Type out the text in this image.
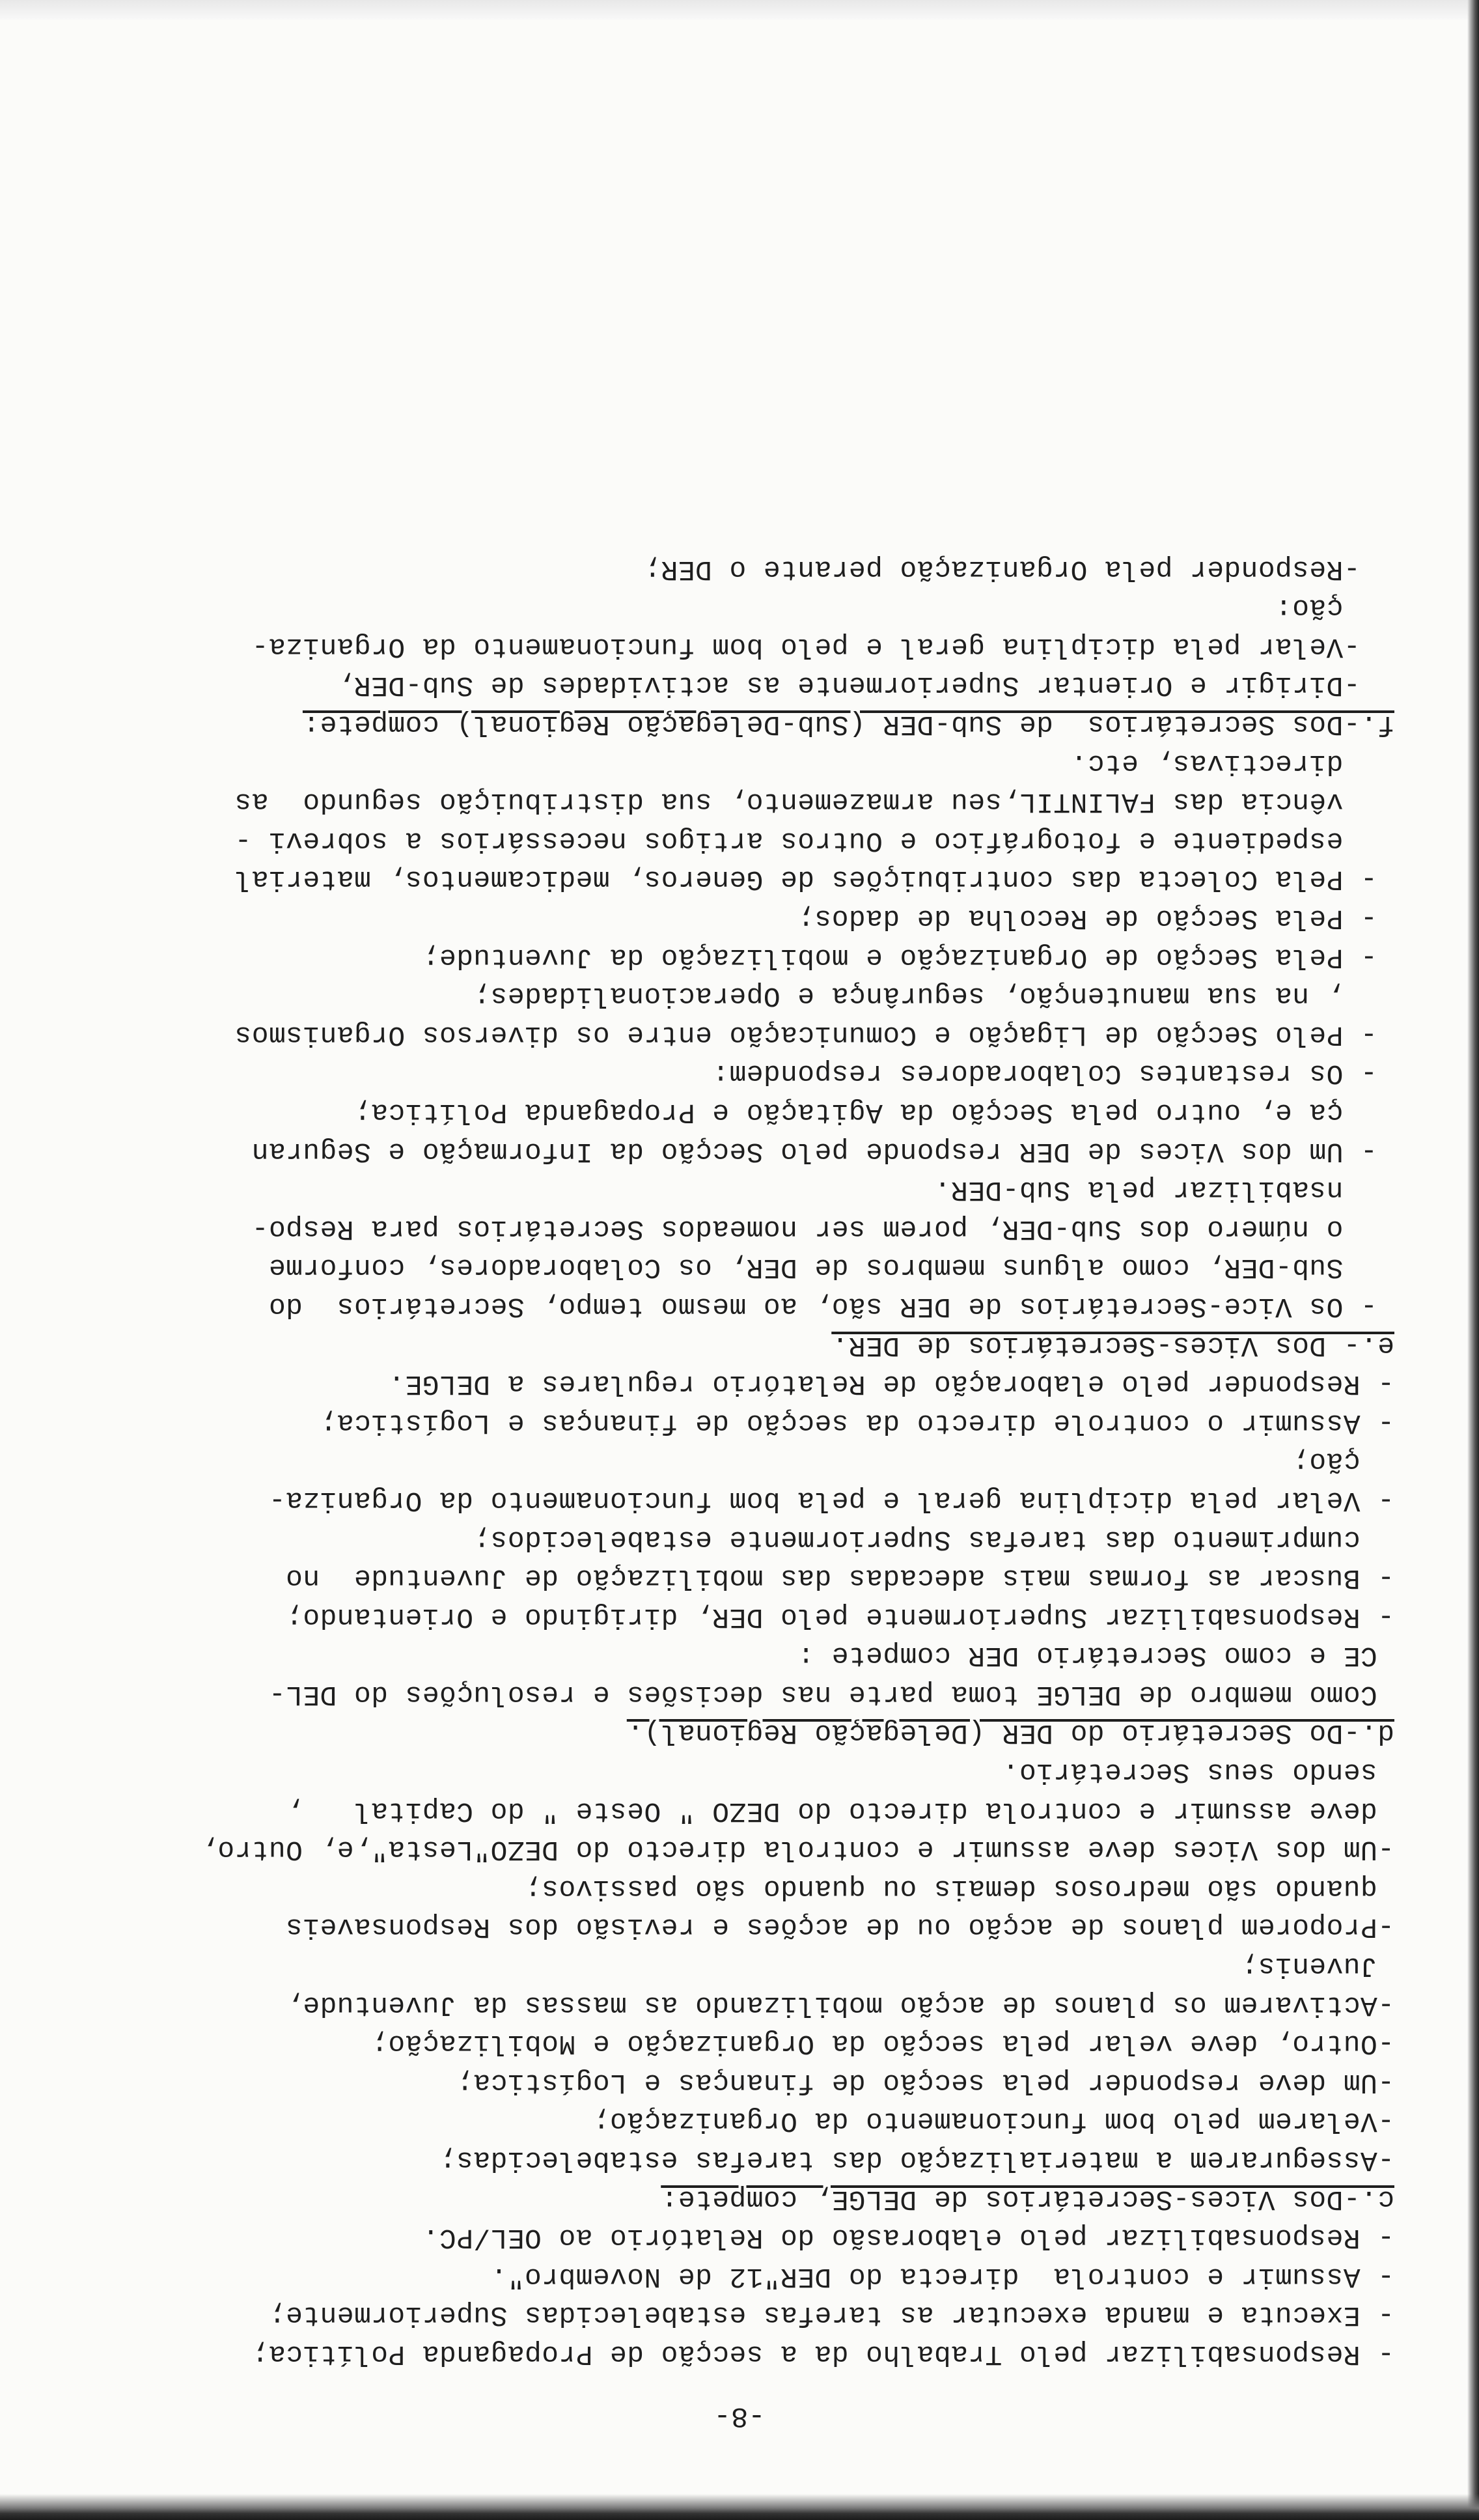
-8-
- Responsabilizar pelo Trabalho da a secção de Propaganda Política;
- Executa e manda executar as tarefas estabelecidas Superiormente;
- Assumir e controla  directa do DER"12 de Novembro".
- Responsabilizar pelo elaborasão do Relatório ao OEL/PC.
c.-Dos Vices-Secretários de DELGE, compete:
-Assegurarem a materialização das tarefas estabelecidas;
-Velarem pelo bom funcionamento da Organização;
-Um deve responder pela secção de finanças e Logística;
-Outro, deve velar pela secção da Organização e Mobilização;
-Activarem os planos de acção mobilizando as massas da Juventude,
Juvenis;
-Proporem planos de acção ou de acções e revisão dos Responsaveis
quando são medrosos demais ou quando são passivos;
-Um dos Vices deve assumir e controla directo do DEZO"Lesta",e, Outro,
deve assumir e controla directo do DEZO " Oeste " do Capital   ,
sendo seus Secretário.
d.-Do Secretário do DER (Delegação Regional).
Como membro de DELGE toma parte nas decisões e resoluções do DEL-
CE e como Secretário DER compete :
- Responsabilizar Superiormente pelo DER, dirigindo e Orientando;
- Buscar as formas mais adecadas das mobilização de Juventude  no
cumprimento das tarefas Superiormente estabelecidos;
- Velar pela diciplina geral e pela bom funcionamento da Organiza-
ção;
- Assumir o controle directo da secção de finanças e Logística;
- Responder pelo elaboração de Relatório regulares a DELGE.
e.- Dos Vices-Secretários de DER.
- Os Vice-Secretários de DER são, ao mesmo tempo, Secretários  do
Sub-DER, como alguns membros de DER, os Colaboradores, conforme
o número dos Sub-DER, porem ser nomeados Secretários para Respo-
nsabilizar pela Sub-DER.
- Um dos Vices de DER responde pelo Secção da Informação e Seguran
ça e, outro pela Secção da Agitação e Propaganda Política;
- Os restantes Colaboradores respondem:
- Pelo Secção de Ligação e Comunicação entre os diversos Organismos
, na sua manutenção, segurânça e Operacionalidades;
- Pela Secção de Organização e mobilização da Juventude;
- Pela Secção de Recolha de dados;
- Pela Colecta das contribuições de Generos, medicamentos, material
espediente e fotográfico e Outros artigos necessários a sobrevi -
vência das FALINTIL,seu armazemento, sua distribuição segundo  as
directivas, etc.
f.-Dos Secretários  de Sub-DER (Sub-Delegação Regional) compete:
-Dirigir e Orientar Superiormente as actividades de Sub-DER,
-Velar pela diciplina geral e pelo bom funcionamento da Organiza-
ção:
-Responder pela Organização perante o DER;
